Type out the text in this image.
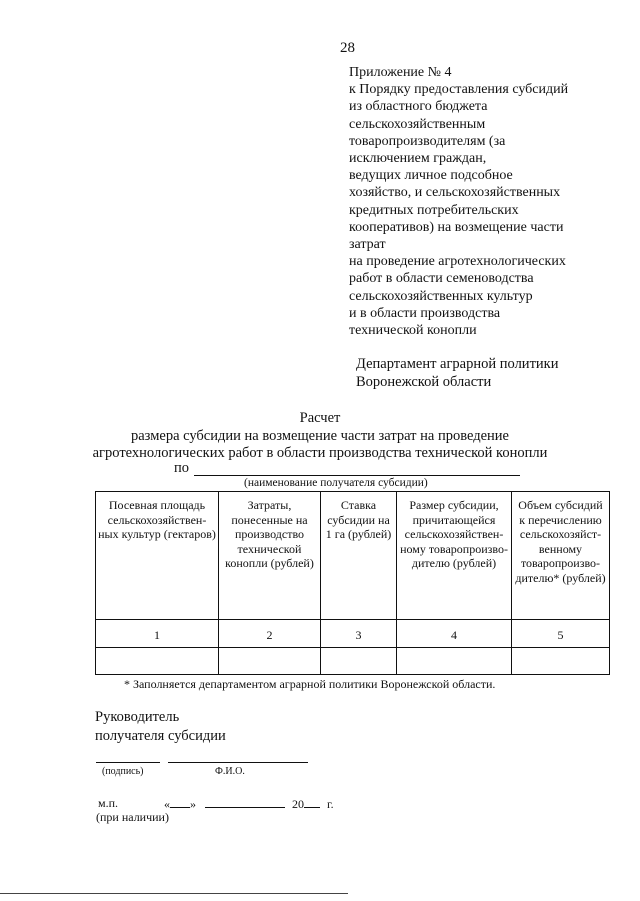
28
Приложение № 4
к Порядку предоставления субсидий
из областного бюджета
сельскохозяйственным
товаропроизводителям (за
исключением граждан,
ведущих личное подсобное
хозяйство, и сельскохозяйственных
кредитных потребительских
кооперативов) на возмещение части
затрат
на проведение агротехнологических
работ в области семеноводства
сельскохозяйственных культур
и в области производства
технической конопли
Департамент аграрной политики
Воронежской области
Расчет
размера субсидии на возмещение части затрат на проведение
агротехнологических работ в области производства технической конопли
по
(наименование получателя субсидии)
Посевная площадь сельскохозяйствен-ных культур (гектаров)	Затраты, понесенные на производство технической конопли (рублей)	Ставка субсидии на 1 га (рублей)	Размер субсидии, причитающейся сельскохозяйствен-ному товаропроизво-дителю (рублей)	Объем субсидий к перечислению сельскохозяйст-венному товаропроизво-дителю* (рублей)
1	2	3	4	5

* Заполняется департаментом аграрной политики Воронежской области.
Руководитель
получателя субсидии
(подпись)	Ф.И.О.
м.п.	« »	20 г.
(при наличии)
